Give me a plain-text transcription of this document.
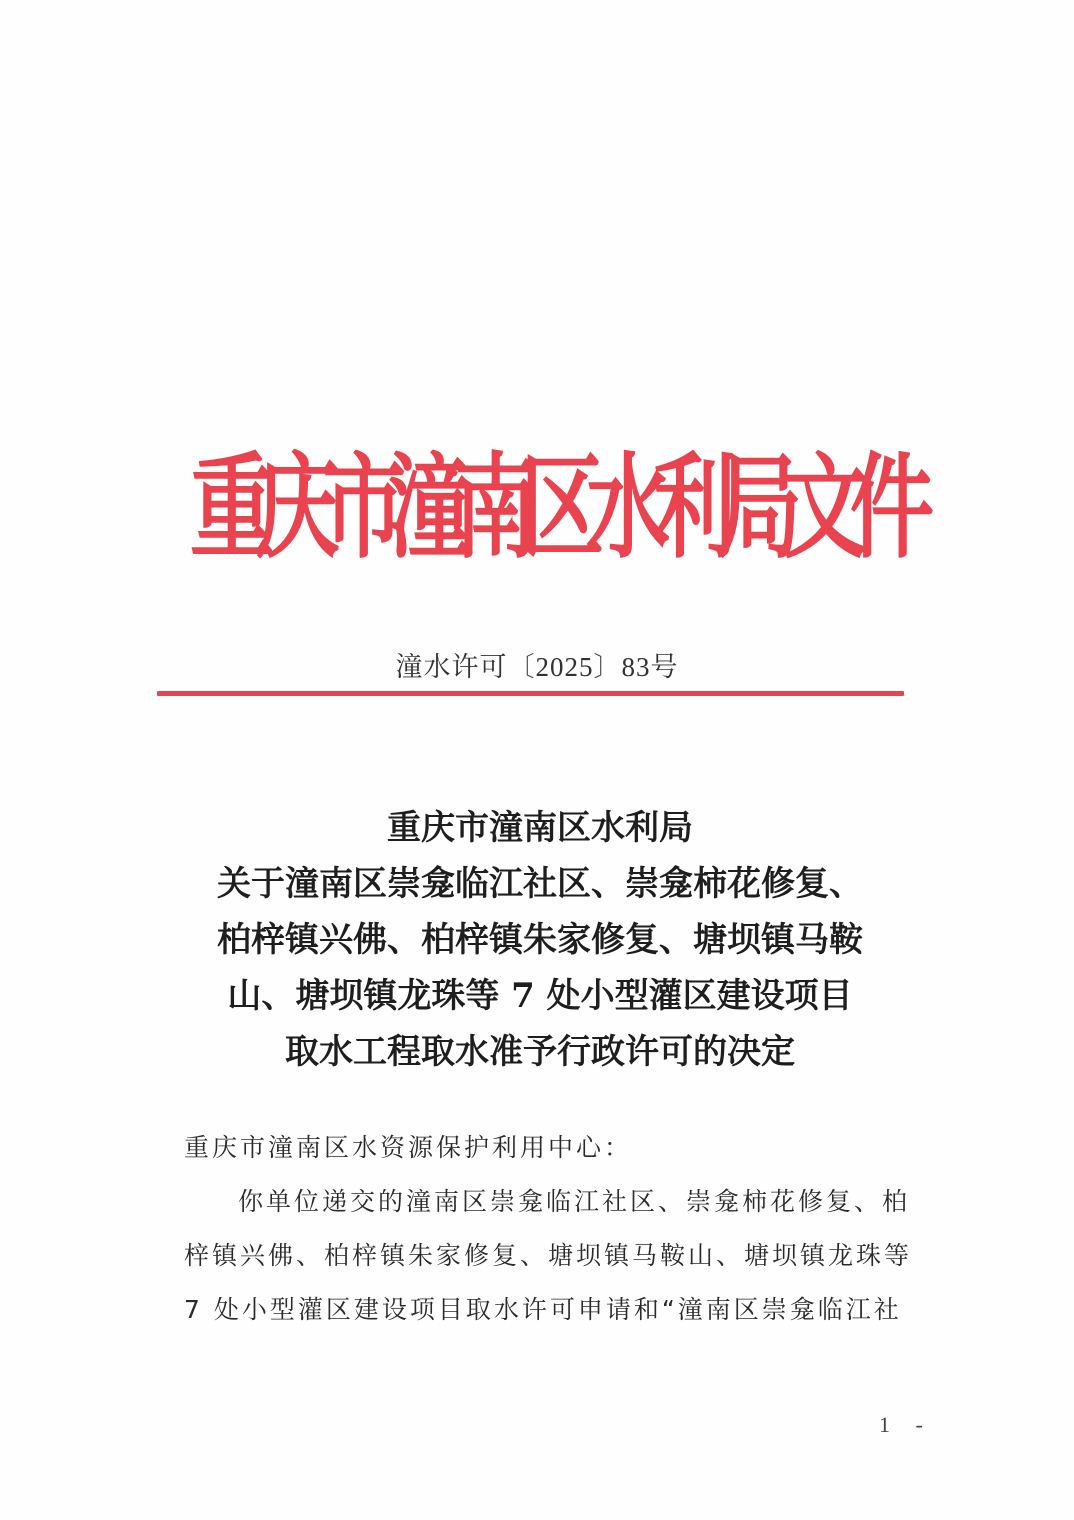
重
庆
市
潼
南
区
水
利
局
文
件
潼水许可〔2025〕83号
重庆市潼南区水利局
关于潼南区崇龛临江社区、崇龛柿花修复、
柏梓镇兴佛、柏梓镇朱家修复、塘坝镇马鞍
山、塘坝镇龙珠等 7 处小型灌区建设项目
取水工程取水准予行政许可的决定
重庆市潼南区水资源保护利用中心：
你单位递交的潼南区崇龛临江社区、崇龛柿花修复、柏
梓镇兴佛、柏梓镇朱家修复、塘坝镇马鞍山、塘坝镇龙珠等
7 处小型灌区建设项目取水许可申请和“潼南区崇龛临江社
1 -
